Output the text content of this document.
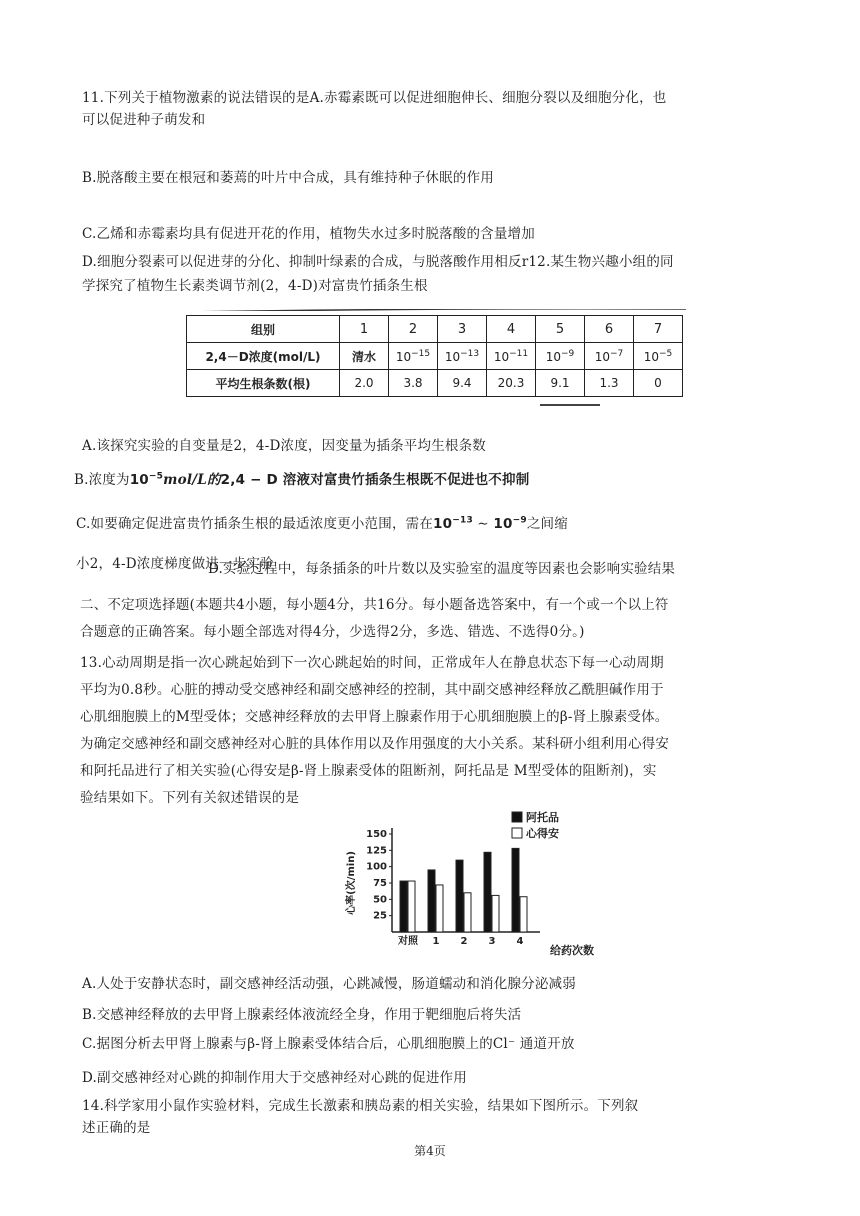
11.下列关于植物激素的说法错误的是A.赤霉素既可以促进细胞伸长、细胞分裂以及细胞分化，也
可以促进种子萌发和
B.脱落酸主要在根冠和萎蔫的叶片中合成，具有维持种子休眠的作用
C.乙烯和赤霉素均具有促进开花的作用，植物失水过多时脱落酸的含量增加
D.细胞分裂素可以促进芽的分化、抑制叶绿素的合成，与脱落酸作用相反r12.某生物兴趣小组的同
学探究了植物生长素类调节剂(2，4-D)对富贵竹插条生根
组别	1	2	3	4	5	6	7
2,4－D浓度(mol/L)	清水	$10^{-15}$	$10^{-13}$	$10^{-11}$	$10^{-9}$	$10^{-7}$	$10^{-5}$
平均生根条数(根)	2.0	3.8	9.4	20.3	9.1	1.3	0
A.该探究实验的自变量是2，4-D浓度，因变量为插条平均生根条数
B.浓度为$10^{-5}mol/L$的2,4 − D 溶液对富贵竹插条生根既不促进也不抑制
C.如要确定促进富贵竹插条生根的最适浓度更小范围，需在$10^{-13}$ ∼ $10^{-9}$之间缩
小2，4-D浓度梯度做进一步实验
D.实验过程中，每条插条的叶片数以及实验室的温度等因素也会影响实验结果
二、不定项选择题(本题共4小题，每小题4分，共16分。每小题备选答案中，有一个或一个以上符
合题意的正确答案。每小题全部选对得4分，少选得2分，多选、错选、不选得0分。)
13.心动周期是指一次心跳起始到下一次心跳起始的时间，正常成年人在静息状态下每一心动周期
平均为0.8秒。心脏的搏动受交感神经和副交感神经的控制，其中副交感神经释放乙酰胆碱作用于
心肌细胞膜上的M型受体；交感神经释放的去甲肾上腺素作用于心肌细胞膜上的β-肾上腺素受体。
为确定交感神经和副交感神经对心脏的具体作用以及作用强度的大小关系。某科研小组利用心得安
和阿托品进行了相关实验(心得安是β-肾上腺素受体的阻断剂，阿托品是 M型受体的阻断剂)，实
验结果如下。下列有关叙述错误的是
25
50
75
100
125
150
心率(次/min)
对照 1 2 3 4
给药次数
阿托品
心得安
A.人处于安静状态时，副交感神经活动强，心跳减慢，肠道蠕动和消化腺分泌减弱
B.交感神经释放的去甲肾上腺素经体液流经全身，作用于靶细胞后将失活
C.据图分析去甲肾上腺素与β-肾上腺素受体结合后，心肌细胞膜上的Cl⁻ 通道开放
D.副交感神经对心跳的抑制作用大于交感神经对心跳的促进作用
14.科学家用小鼠作实验材料，完成生长激素和胰岛素的相关实验，结果如下图所示。下列叙
述正确的是
第4页
